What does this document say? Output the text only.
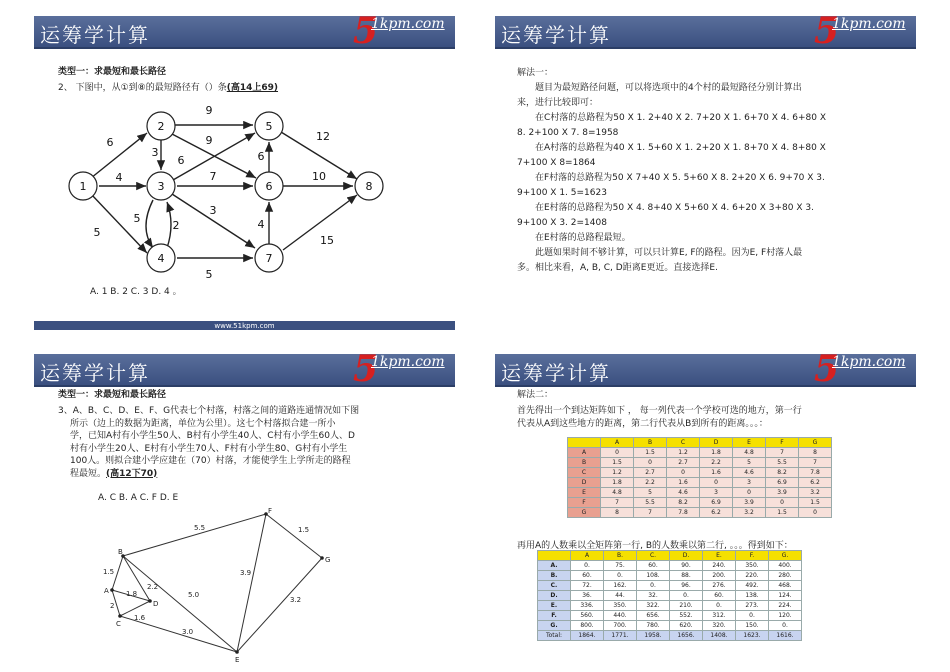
运筹学计算	5
1kpm.com
类型一：求最短和最长路径
2、 下图中，从①到⑧的最短路径有（）条(高14上69)
1
2
3
4
5
6
7
8
6
4
5
9
3
9
6
7
5
2
3
12
10
4
6
15
5
A. 1 B. 2 C. 3 D. 4 。
www.51kpm.com
运筹学计算	5
1kpm.com
解法一：
题目为最短路径问题，可以将选项中的4个村的最短路径分别计算出
来，进行比较即可：
在C村落的总路程为50 X 1. 2+40 X 2. 7+20 X 1. 6+70 X 4. 6+80 X
8. 2+100 X 7. 8=1958
在A村落的总路程为40 X 1. 5+60 X 1. 2+20 X 1. 8+70 X 4. 8+80 X
7+100 X 8=1864
在F村落的总路程为50 X 7+40 X 5. 5+60 X 8. 2+20 X 6. 9+70 X 3.
9+100 X 1. 5=1623
在E村落的总路程为50 X 4. 8+40 X 5+60 X 4. 6+20 X 3+80 X 3.
9+100 X 3. 2=1408
在E村落的总路程最短。
此题如果时间不够计算，可以只计算E, F的路程。因为E, F村落人最
多。相比来看，A, B, C, D距离E更近。直接选择E.
运筹学计算	5
1kpm.com
类型一：求最短和最长路径
3、A、B、C、D、E、F、G代表七个村落，村落之间的道路连通情况如下图
所示（边上的数据为距离，单位为公里）。这七个村落拟合建一所小
学，已知A村有小学生50人、B村有小学生40人、C村有小学生60人、D
村有小学生20人、E村有小学生70人、F村有小学生80、G村有小学生
100人。则拟合建小学应建在（70）村落，才能使学生上学所走的路程
程最短。(高12下70)
A. C B. A C. F D. E
A
B
C
D
E
F
G
1.5
5.5	1.5
1.8
2.2
5.0
3.9
3.2
2
1.6
3.0
运筹学计算	5
1kpm.com
解法二：
首先得出一个到达矩阵如下 ， 每一列代表一个学校可选的地方，第一行
代表从A到这些地方的距离，第二行代表从B到所有的距离。。。：
	A	B	C	D	E	F	G
A	0	1.5	1.2	1.8	4.8	7	8
B	1.5	0	2.7	2.2	5	5.5	7
C	1.2	2.7	0	1.6	4.6	8.2	7.8
D	1.8	2.2	1.6	0	3	6.9	6.2
E	4.8	5	4.6	3	0	3.9	3.2
F	7	5.5	8.2	6.9	3.9	0	1.5
G	8	7	7.8	6.2	3.2	1.5	0
再用A的人数乘以全矩阵第一行, B的人数乘以第二行, 。。。得到如下：
	A	B.	C.	D.	E.	F.	G.
A.	0.	75.	60.	90.	240.	350.	400.
B.	60.	0.	108.	88.	200.	220.	280.
C.	72.	162.	0.	96.	276.	492.	468.
D.	36.	44.	32.	0.	60.	138.	124.
E.	336.	350.	322.	210.	0.	273.	224.
F.	560.	440.	656.	552.	312.	0.	120.
G.	800.	700.	780.	620.	320.	150.	0.
Total:	1864.	1771.	1958.	1656.	1408.	1623.	1616.
